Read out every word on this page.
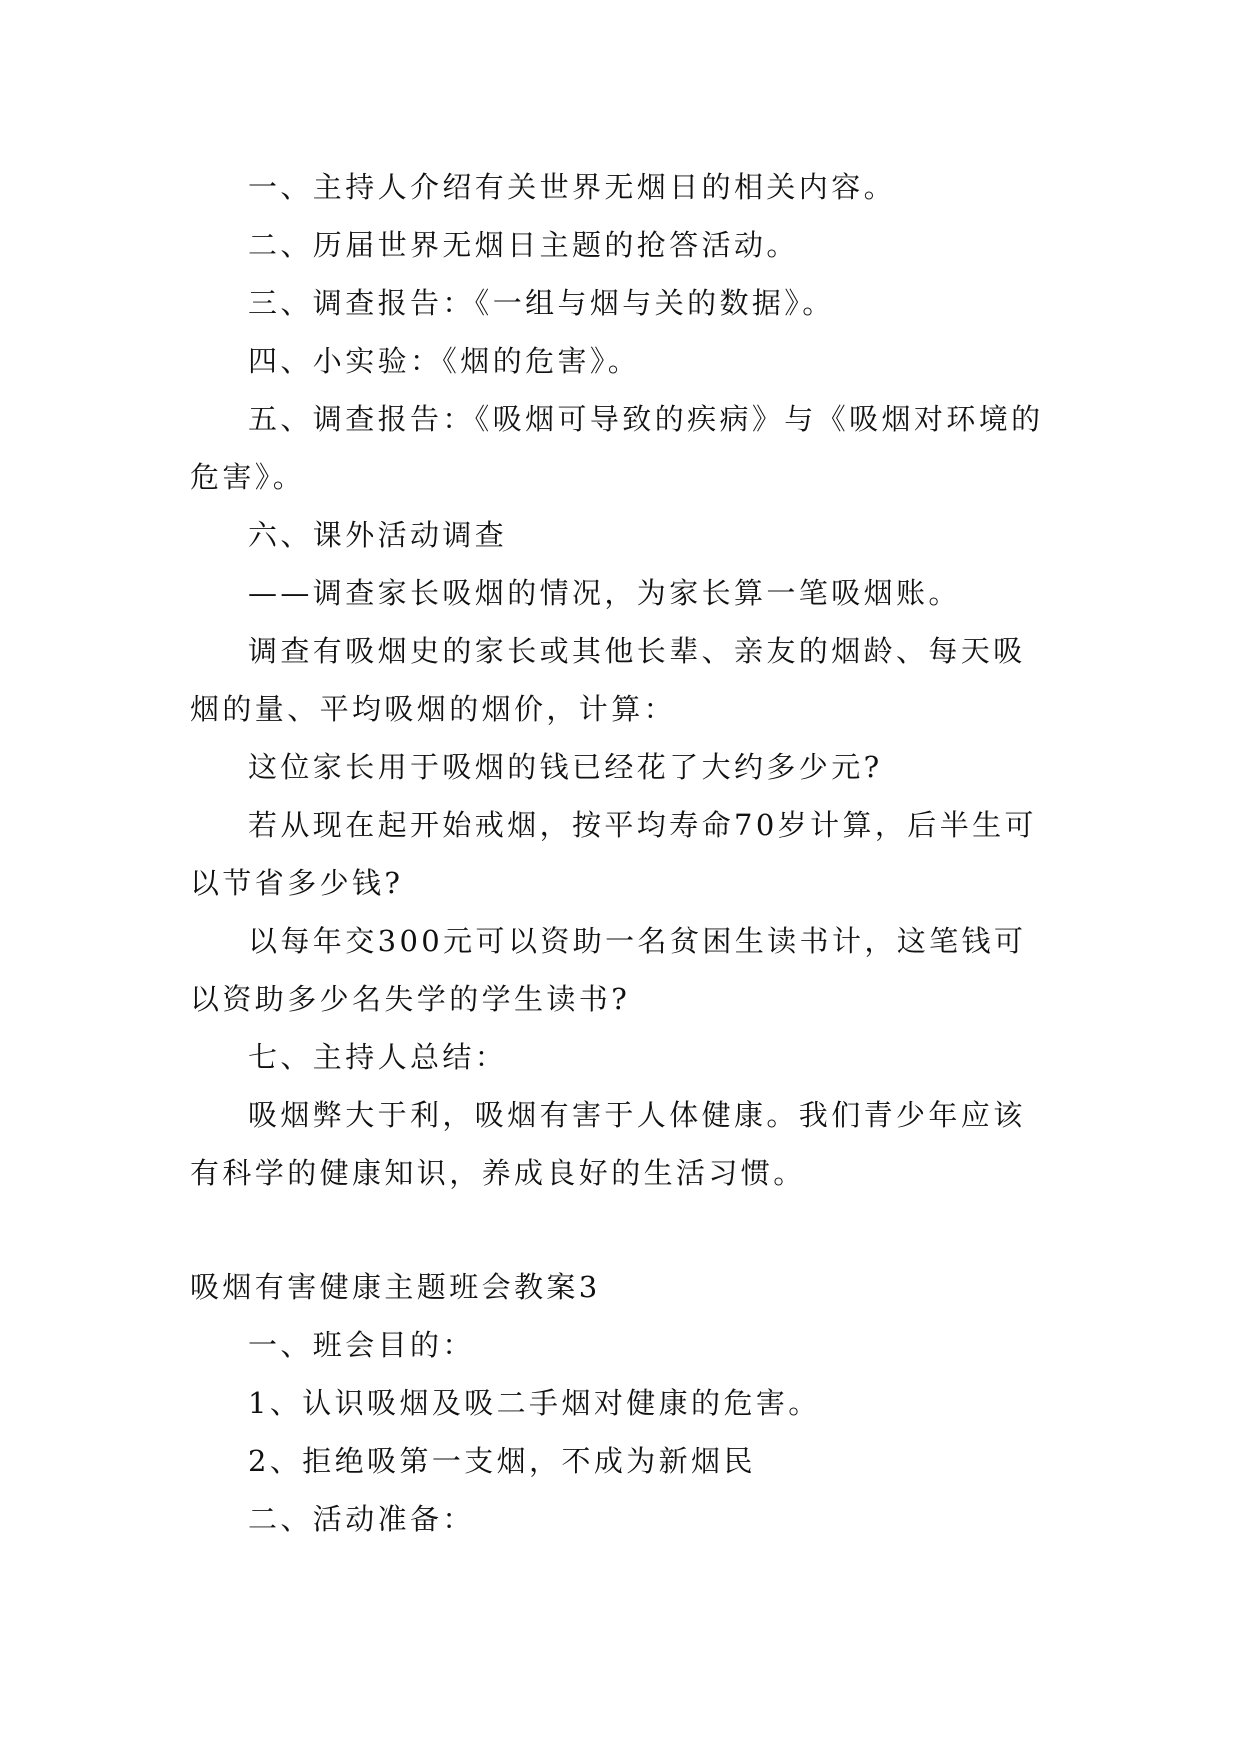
一、主持人介绍有关世界无烟日的相关内容。

二、历届世界无烟日主题的抢答活动。

三、调查报告：《一组与烟与关的数据》。

四、小实验：《烟的危害》。

五、调查报告：《吸烟可导致的疾病》与《吸烟对环境的危害》。

六、课外活动调查

——调查家长吸烟的情况，为家长算一笔吸烟账。

调查有吸烟史的家长或其他长辈、亲友的烟龄、每天吸烟的量、平均吸烟的烟价，计算：

这位家长用于吸烟的钱已经花了大约多少元?

若从现在起开始戒烟，按平均寿命70岁计算，后半生可以节省多少钱?

以每年交300元可以资助一名贫困生读书计，这笔钱可以资助多少名失学的学生读书?

七、主持人总结：

吸烟弊大于利，吸烟有害于人体健康。我们青少年应该有科学的健康知识，养成良好的生活习惯。

吸烟有害健康主题班会教案3

一、班会目的：

1、认识吸烟及吸二手烟对健康的危害。

2、拒绝吸第一支烟，不成为新烟民

二、活动准备：
